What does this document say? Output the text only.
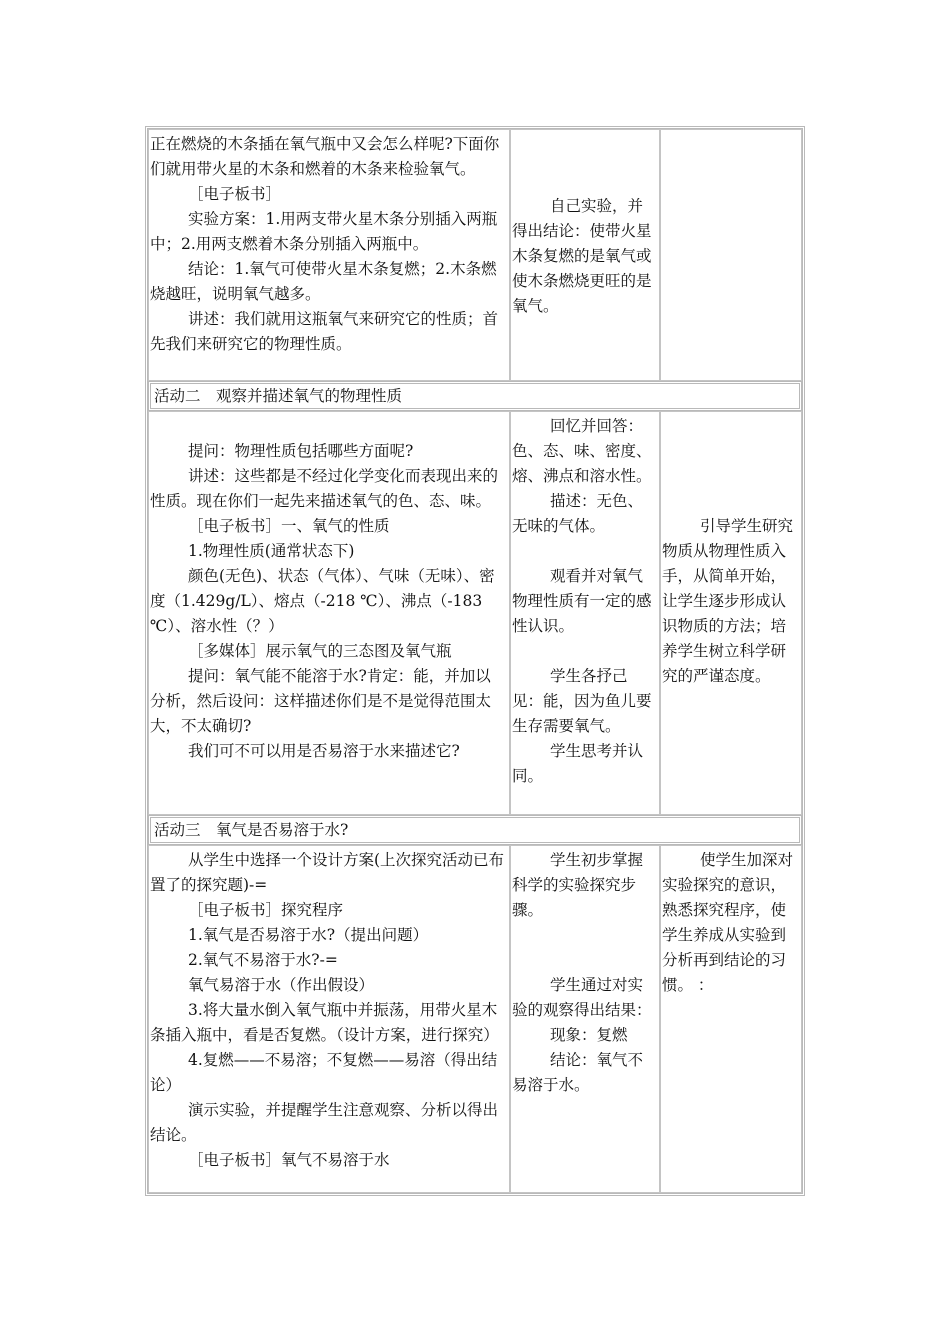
正在燃烧的木条插在氧气瓶中又会怎么样呢?下面你们就用带火星的木条和燃着的木条来检验氧气。

［电子板书］

实验方案：1.用两支带火星木条分别插入两瓶中；2.用两支燃着木条分别插入两瓶中。

结论：1.氧气可使带火星木条复燃；2.木条燃烧越旺，说明氧气越多。

讲述：我们就用这瓶氧气来研究它的性质；首先我们来研究它的物理性质。

自己实验，并得出结论：使带火星木条复燃的是氧气或使木条燃烧更旺的是氧气。

活动二　观察并描述氧气的物理性质

提问：物理性质包括哪些方面呢?

讲述：这些都是不经过化学变化而表现出来的性质。现在你们一起先来描述氧气的色、态、味。

［电子板书］一、氧气的性质

1.物理性质(通常状态下)

颜色(无色)、状态（气体）、气味（无味）、密度（1.429g/L）、熔点（-218 ℃）、沸点（-183 ℃）、溶水性（？）

［多媒体］展示氧气的三态图及氧气瓶

提问：氧气能不能溶于水?肯定：能，并加以分析，然后设问：这样描述你们是不是觉得范围太大，不太确切?

我们可不可以用是否易溶于水来描述它?

回忆并回答：色、态、味、密度、熔、沸点和溶水性。

描述：无色、无味的气体。

观看并对氧气物理性质有一定的感性认识。

学生各抒己见：能，因为鱼儿要生存需要氧气。

学生思考并认同。

引导学生研究物质从物理性质入手，从简单开始，让学生逐步形成认识物质的方法；培养学生树立科学研究的严谨态度。

活动三　氧气是否易溶于水?

从学生中选择一个设计方案(上次探究活动已布置了的探究题)-=

［电子板书］探究程序

1.氧气是否易溶于水?（提出问题）

2.氧气不易溶于水?-=

氧气易溶于水（作出假设）

3.将大量水倒入氧气瓶中并振荡，用带火星木条插入瓶中，看是否复燃。（设计方案，进行探究）

4.复燃——不易溶；不复燃——易溶（得出结论）

演示实验，并提醒学生注意观察、分析以得出结论。

［电子板书］氧气不易溶于水

学生初步掌握科学的实验探究步骤。

学生通过对实验的观察得出结果：

现象：复燃

结论：氧气不易溶于水。

使学生加深对实验探究的意识，熟悉探究程序，使学生养成从实验到分析再到结论的习惯。 ：
